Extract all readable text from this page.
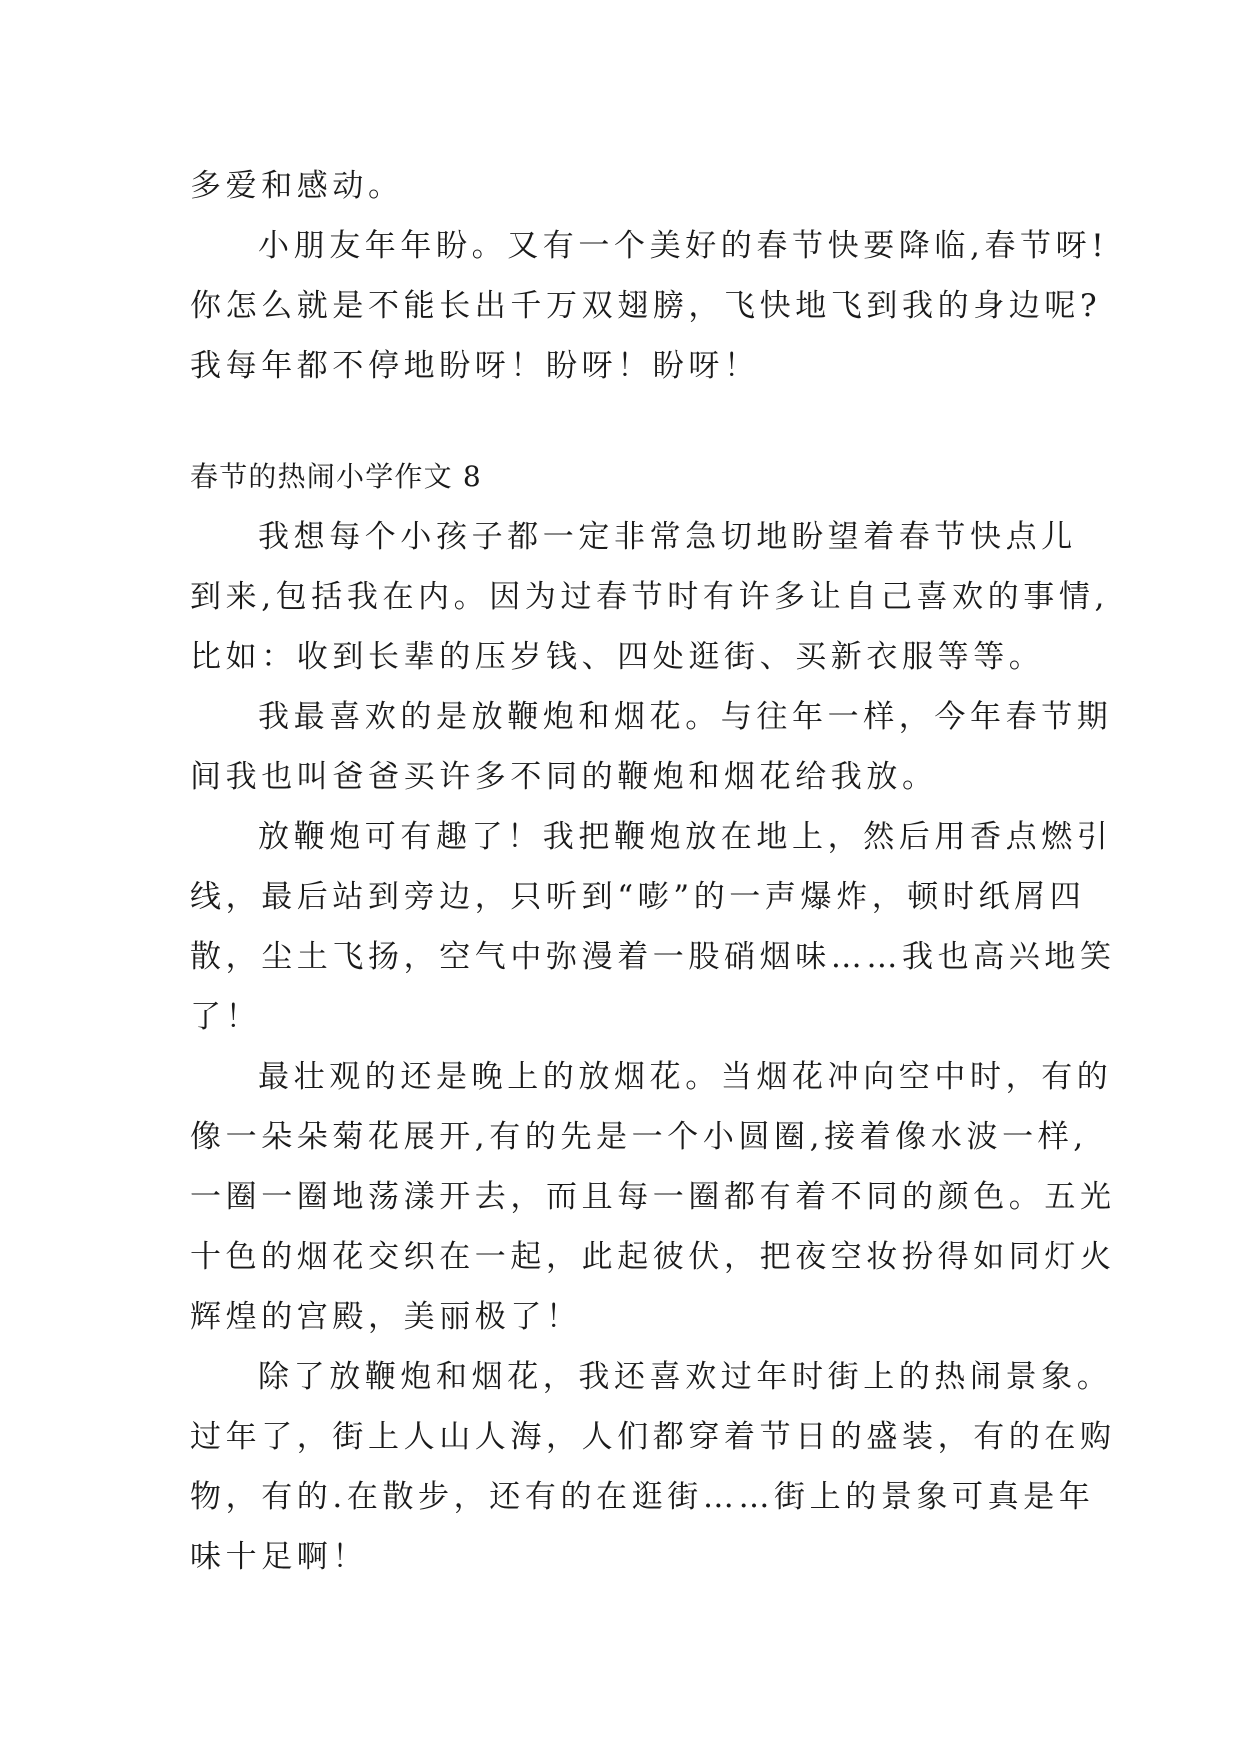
多爱和感动。
小朋友年年盼。又有一个美好的春节快要降临,春节呀!
你怎么就是不能长出千万双翅膀，飞快地飞到我的身边呢?
我每年都不停地盼呀！盼呀！盼呀！
春节的热闹小学作文 8
我想每个小孩子都一定非常急切地盼望着春节快点儿
到来,包括我在内。因为过春节时有许多让自己喜欢的事情,
比如：收到长辈的压岁钱、四处逛街、买新衣服等等。
我最喜欢的是放鞭炮和烟花。与往年一样，今年春节期
间我也叫爸爸买许多不同的鞭炮和烟花给我放。
放鞭炮可有趣了！我把鞭炮放在地上，然后用香点燃引
线，最后站到旁边，只听到“嘭”的一声爆炸，顿时纸屑四
散，尘土飞扬，空气中弥漫着一股硝烟味……我也高兴地笑
了！
最壮观的还是晚上的放烟花。当烟花冲向空中时，有的
像一朵朵菊花展开,有的先是一个小圆圈,接着像水波一样,
一圈一圈地荡漾开去，而且每一圈都有着不同的颜色。五光
十色的烟花交织在一起，此起彼伏，把夜空妆扮得如同灯火
辉煌的宫殿，美丽极了！
除了放鞭炮和烟花，我还喜欢过年时街上的热闹景象。
过年了，街上人山人海，人们都穿着节日的盛装，有的在购
物，有的.在散步，还有的在逛街……街上的景象可真是年
味十足啊！
